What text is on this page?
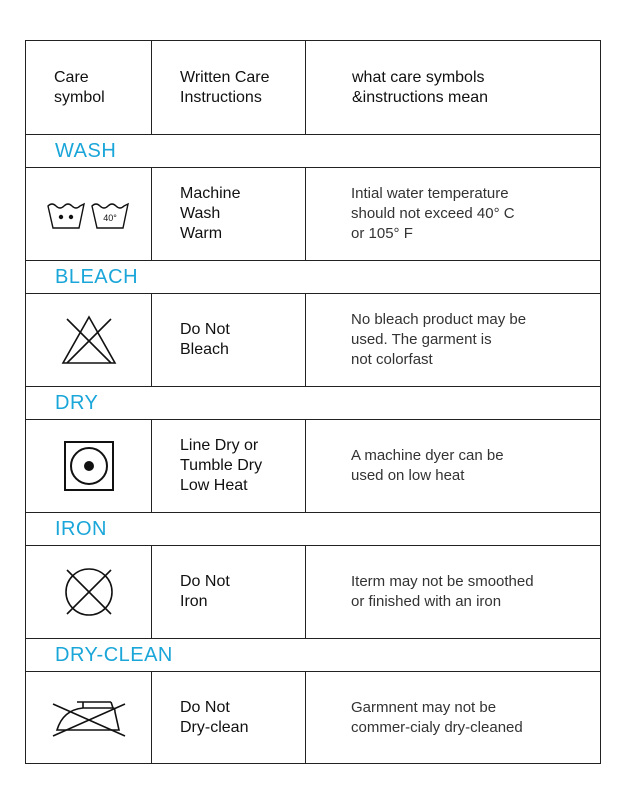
Care
symbol
Written Care
Instructions
what care symbols
&instructions mean
WASH
40°
Machine
Wash
Warm
Intial water temperature
should not exceed 40° C
or 105° F
BLEACH
Do Not
Bleach
No bleach product may be
used. The garment is
not colorfast
DRY
Line Dry or
Tumble Dry
Low Heat
A machine dyer can be
used on low heat
IRON
Do Not
Iron
Iterm may not be smoothed
or finished with an iron
DRY-CLEAN
Do Not
Dry-clean
Garmnent may not be
commer-cialy dry-cleaned
